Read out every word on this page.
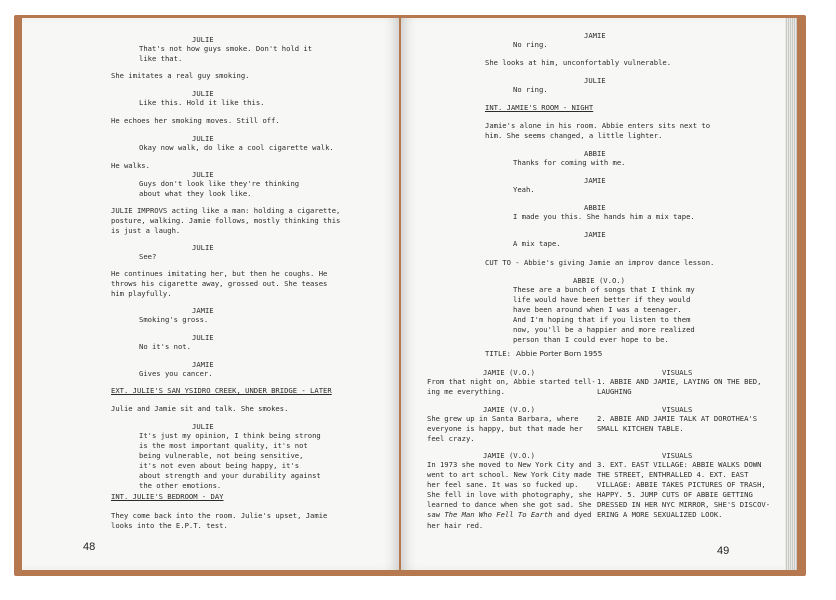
JULIE
That's not how guys smoke. Don't hold it
like that.
She imitates a real guy smoking.
JULIE
Like this. Hold it like this.
He echoes her smoking moves. Still off.
JULIE
Okay now walk, do like a cool cigarette walk.
He walks.
JULIE
Guys don't look like they're thinking
about what they look like.
JULIE IMPROVS acting like a man: holding a cigarette,
posture, walking. Jamie follows, mostly thinking this
is just a laugh.
JULIE
See?
He continues imitating her, but then he coughs. He
throws his cigarette away, grossed out. She teases
him playfully.
JAMIE
Smoking's gross.
JULIE
No it's not.
JAMIE
Gives you cancer.
EXT. JULIE'S SAN YSIDRO CREEK, UNDER BRIDGE - LATER
Julie and Jamie sit and talk. She smokes.
JULIE
It's just my opinion, I think being strong
is the most important quality, it's not
being vulnerable, not being sensitive,
it's not even about being happy, it's
about strength and your durability against
the other emotions.
INT. JULIE'S BEDROOM - DAY
They come back into the room. Julie's upset, Jamie
looks into the E.P.T. test.
48
JAMIE
No ring.
She looks at him, unconfortably vulnerable.
JULIE
No ring.
INT. JAMIE'S ROOM - NIGHT
Jamie's alone in his room. Abbie enters sits next to
him. She seems changed, a little lighter.
ABBIE
Thanks for coming with me.
JAMIE
Yeah.
ABBIE
I made you this. She hands him a mix tape.
JAMIE
A mix tape.
CUT TO - Abbie's giving Jamie an improv dance lesson.
ABBIE (V.O.)
These are a bunch of songs that I think my
life would have been better if they would
have been around when I was a teenager.
And I'm hoping that if you listen to them
now, you'll be a happier and more realized
person than I could ever hope to be.
TITLE: Abbie Porter Born 1955
JAMIE (V.O.)
From that night on, Abbie started tell-
ing me everything.
JAMIE (V.O.)
She grew up in Santa Barbara, where
everyone is happy, but that made her
feel crazy.
JAMIE (V.O.)
In 1973 she moved to New York City and
went to art school. New York City made
her feel sane. It was so fucked up.
She fell in love with photography, she
learned to dance when she got sad. She
saw The Man Who Fell To Earth and dyed
her hair red.
VISUALS
1. ABBIE AND JAMIE, LAYING ON THE BED,
LAUGHING
VISUALS
2. ABBIE AND JAMIE TALK AT DOROTHEA'S
SMALL KITCHEN TABLE.
VISUALS
3. EXT. EAST VILLAGE: ABBIE WALKS DOWN
THE STREET, ENTHRALLED 4. EXT. EAST
VILLAGE: ABBIE TAKES PICTURES OF TRASH,
HAPPY. 5. JUMP CUTS OF ABBIE GETTING
DRESSED IN HER NYC MIRROR, SHE'S DISCOV-
ERING A MORE SEXUALIZED LOOK.
49
